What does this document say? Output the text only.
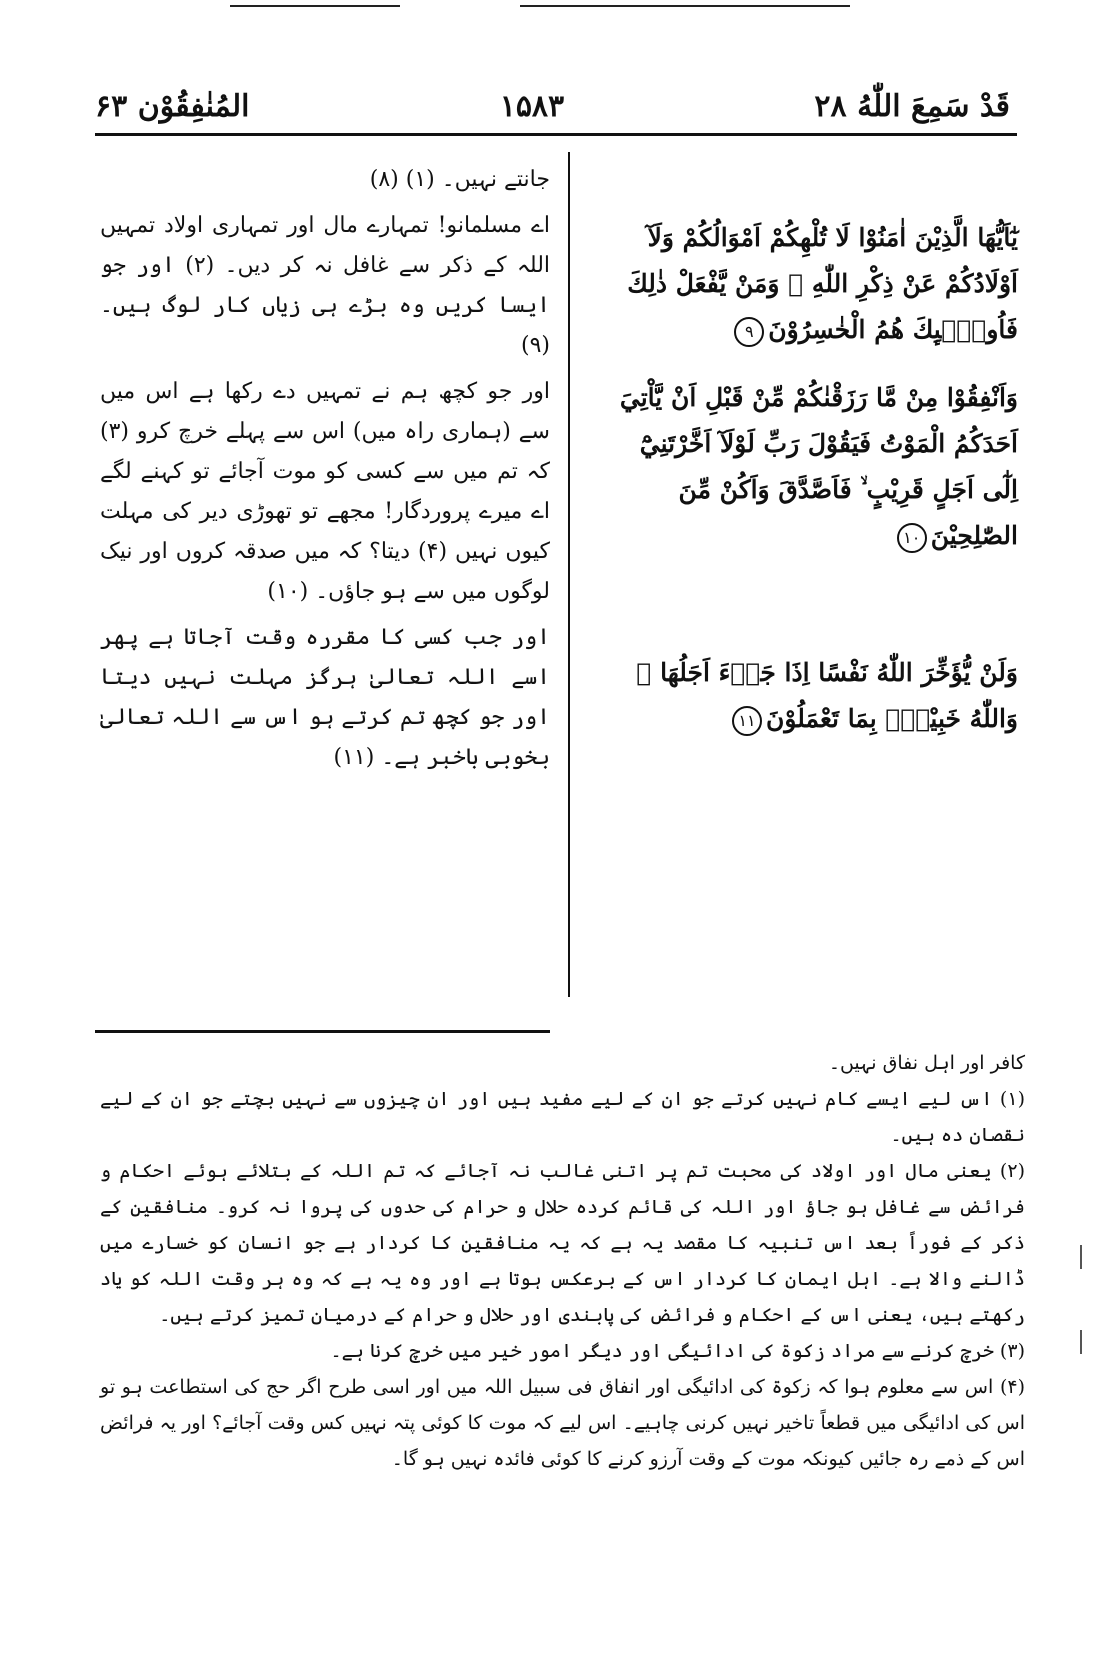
قَدْ سَمِعَ اللّٰهُ ۲۸
۱۵۸۳
المُنٰفِقُوْن ۶۳

جانتے نہیں۔ (۱) (۸)

اے مسلمانو! تمہارے مال اور تمہاری اولاد تمہیں اللہ کے ذکر سے غافل نہ کر دیں۔ (۲) اور جو ایسا کریں وہ بڑے ہی زیاں کار لوگ ہیں۔ (۹)

اور جو کچھ ہم نے تمہیں دے رکھا ہے اس میں سے (ہماری راہ میں) اس سے پہلے خرچ کرو (۳) کہ تم میں سے کسی کو موت آجائے تو کہنے لگے اے میرے پروردگار! مجھے تو تھوڑی دیر کی مہلت کیوں نہیں (۴) دیتا؟ کہ میں صدقہ کروں اور نیک لوگوں میں سے ہو جاؤں۔ (۱۰)

اور جب کسی کا مقررہ وقت آجاتا ہے پھر اسے اللہ تعالیٰ ہرگز مہلت نہیں دیتا اور جو کچھ تم کرتے ہو اس سے اللہ تعالیٰ بخوبی باخبر ہے۔ (۱۱)

يٰٓاَيُّهَا الَّذِيْنَ اٰمَنُوْا لَا تُلْهِكُمْ اَمْوَالُكُمْ وَلَآ اَوْلَادُكُمْ عَنْ ذِكْرِ اللّٰهِ ۚ وَمَنْ يَّفْعَلْ ذٰلِكَ فَاُولٰۗىِٕكَ هُمُ الْخٰسِرُوْنَ۹

وَاَنْفِقُوْا مِنْ مَّا رَزَقْنٰكُمْ مِّنْ قَبْلِ اَنْ يَّاْتِيَ اَحَدَكُمُ الْمَوْتُ فَيَقُوْلَ رَبِّ لَوْلَآ اَخَّرْتَنِيْٓ اِلٰٓى اَجَلٍ قَرِيْبٍ ۙ فَاَصَّدَّقَ وَاَكُنْ مِّنَ الصّٰلِحِيْنَ۱۰

وَلَنْ يُّؤَخِّرَ اللّٰهُ نَفْسًا اِذَا جَاۗءَ اَجَلُهَا ۭ وَاللّٰهُ خَبِيْرٌۢ بِمَا تَعْمَلُوْنَ۱۱

کافر اور اہل نفاق نہیں۔

(۱) اس لیے ایسے کام نہیں کرتے جو ان کے لیے مفید ہیں اور ان چیزوں سے نہیں بچتے جو ان کے لیے نقصان دہ ہیں۔

(۲) یعنی مال اور اولاد کی محبت تم پر اتنی غالب نہ آجائے کہ تم اللہ کے بتلائے ہوئے احکام و فرائض سے غافل ہو جاؤ اور اللہ کی قائم کردہ حلال و حرام کی حدوں کی پروا نہ کرو۔ منافقین کے ذکر کے فوراً بعد اس تنبیہ کا مقصد یہ ہے کہ یہ منافقین کا کردار ہے جو انسان کو خسارے میں ڈالنے والا ہے۔ اہل ایمان کا کردار اس کے برعکس ہوتا ہے اور وہ یہ ہے کہ وہ ہر وقت اللہ کو یاد رکھتے ہیں، یعنی اس کے احکام و فرائض کی پابندی اور حلال و حرام کے درمیان تمیز کرتے ہیں۔

(۳) خرچ کرنے سے مراد زکوۃ کی ادائیگی اور دیگر امور خیر میں خرچ کرنا ہے۔

(۴) اس سے معلوم ہوا کہ زکوۃ کی ادائیگی اور انفاق فی سبیل اللہ میں اور اسی طرح اگر حج کی استطاعت ہو تو اس کی ادائیگی میں قطعاً تاخیر نہیں کرنی چاہیے۔ اس لیے کہ موت کا کوئی پتہ نہیں کس وقت آجائے؟ اور یہ فرائض اس کے ذمے رہ جائیں کیونکہ موت کے وقت آرزو کرنے کا کوئی فائدہ نہیں ہو گا۔
